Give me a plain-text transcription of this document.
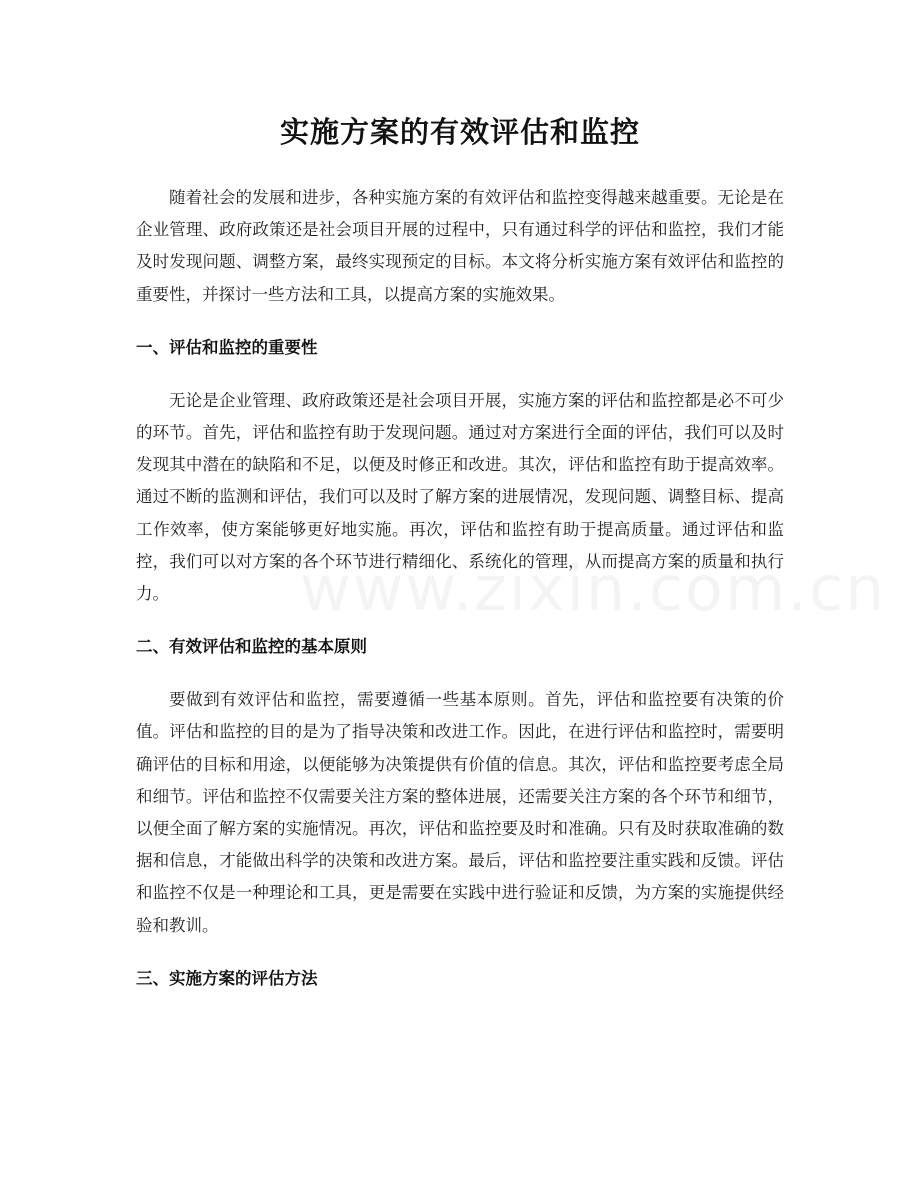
实施方案的有效评估和监控

随着社会的发展和进步，各种实施方案的有效评估和监控变得越来越重要。无论是在企业管理、政府政策还是社会项目开展的过程中，只有通过科学的评估和监控，我们才能及时发现问题、调整方案，最终实现预定的目标。本文将分析实施方案有效评估和监控的重要性，并探讨一些方法和工具，以提高方案的实施效果。

一、评估和监控的重要性

无论是企业管理、政府政策还是社会项目开展，实施方案的评估和监控都是必不可少的环节。首先，评估和监控有助于发现问题。通过对方案进行全面的评估，我们可以及时发现其中潜在的缺陷和不足，以便及时修正和改进。其次，评估和监控有助于提高效率。通过不断的监测和评估，我们可以及时了解方案的进展情况，发现问题、调整目标、提高工作效率，使方案能够更好地实施。再次，评估和监控有助于提高质量。通过评估和监控，我们可以对方案的各个环节进行精细化、系统化的管理，从而提高方案的质量和执行力。

二、有效评估和监控的基本原则

要做到有效评估和监控，需要遵循一些基本原则。首先，评估和监控要有决策的价值。评估和监控的目的是为了指导决策和改进工作。因此，在进行评估和监控时，需要明确评估的目标和用途，以便能够为决策提供有价值的信息。其次，评估和监控要考虑全局和细节。评估和监控不仅需要关注方案的整体进展，还需要关注方案的各个环节和细节，以便全面了解方案的实施情况。再次，评估和监控要及时和准确。只有及时获取准确的数据和信息，才能做出科学的决策和改进方案。最后，评估和监控要注重实践和反馈。评估和监控不仅是一种理论和工具，更是需要在实践中进行验证和反馈，为方案的实施提供经验和教训。

三、实施方案的评估方法
